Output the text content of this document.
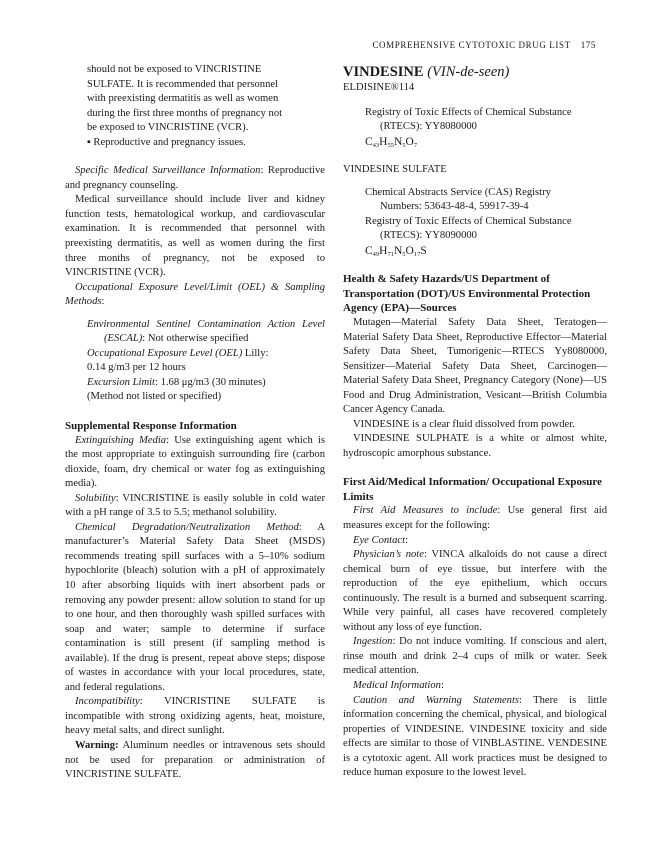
COMPREHENSIVE CYTOTOXIC DRUG LIST 175

should not be exposed to VINCRISTINE

SULFATE. It is recommended that personnel

with preexisting dermatitis as well as women

during the first three months of pregnancy not

be exposed to VINCRISTINE (VCR).

▪ Reproductive and pregnancy issues.

Specific Medical Surveillance Information: Reproductive and pregnancy counseling.

Medical surveillance should include liver and kidney function tests, hematological workup, and cardiovascular examination. It is recommended that personnel with preexisting dermatitis, as well as women during the first three months of pregnancy, not be exposed to VINCRISTINE (VCR).

Occupational Exposure Level/Limit (OEL) & Sampling Methods:

Environmental Sentinel Contamination Action Level (ESCAL): Not otherwise specified

Occupational Exposure Level (OEL) Lilly:

0.14 g/m3 per 12 hours

Excursion Limit: 1.68 μg/m3 (30 minutes)

(Method not listed or specified)

Supplemental Response Information

Extinguishing Media: Use extinguishing agent which is the most appropriate to extinguish surrounding fire (carbon dioxide, foam, dry chemical or water fog as extinguishing media).

Solubility: VINCRISTINE is easily soluble in cold water with a pH range of 3.5 to 5.5; methanol solubility.

Chemical Degradation/Neutralization Method: A manufacturer’s Material Safety Data Sheet (MSDS) recommends treating spill surfaces with a 5–10% sodium hypochlorite (bleach) solution with a pH of approximately 10 after absorbing liquids with inert absorbent pads or removing any powder present: allow solution to stand for up to one hour, and then thoroughly wash spilled surfaces with soap and water; sample to determine if surface contamination is still present (if sampling method is available). If the drug is present, repeat above steps; dispose of wastes in accordance with your local procedures, state, and federal regulations.

Incompatibility: VINCRISTINE SULFATE is incompatible with strong oxidizing agents, heat, moisture, heavy metal salts, and direct sunlight.

Warning: Aluminum needles or intravenous sets should not be used for preparation or administration of VINCRISTINE SULFATE.

VINDESINE (VIN-de-seen)

ELDISINE®114

Registry of Toxic Effects of Chemical Substance

(RTECS): YY8080000

$C_{43}H_{55}N_5O_7$

VINDESINE SULFATE

Chemical Abstracts Service (CAS) Registry

Numbers: 53643-48-4, 59917-39-4

Registry of Toxic Effects of Chemical Substance

(RTECS): YY8090000

$C_{49}H_{71}N_5O_{17}S$

Health & Safety Hazards/US Department of Transportation (DOT)/US Environmental Protection Agency (EPA)—Sources

Mutagen—Material Safety Data Sheet, Teratogen—Material Safety Data Sheet, Reproductive Effector—Material Safety Data Sheet, Tumorigenic—RTECS Yy8080000, Sensitizer—Material Safety Data Sheet, Carcinogen—Material Safety Data Sheet, Pregnancy Category (None)—US Food and Drug Administration, Vesicant—British Columbia Cancer Agency Canada.

VINDESINE is a clear fluid dissolved from powder.

VINDESINE SULPHATE is a white or almost white, hydroscopic amorphous substance.

First Aid/Medical Information/ Occupational Exposure Limits

First Aid Measures to include: Use general first aid measures except for the following:

Eye Contact:

Physician’s note: VINCA alkaloids do not cause a direct chemical burn of eye tissue, but interfere with the reproduction of the eye epithelium, which occurs continuously. The result is a burned and subsequent scarring. While very painful, all cases have recovered completely without any loss of eye function.

Ingestion: Do not induce vomiting. If conscious and alert, rinse mouth and drink 2–4 cups of milk or water. Seek medical attention.

Medical Information:

Caution and Warning Statements: There is little information concerning the chemical, physical, and biological properties of VINDESINE. VINDESINE toxicity and side effects are similar to those of VINBLASTINE. VENDESINE is a cytotoxic agent. All work practices must be designed to reduce human exposure to the lowest level.
